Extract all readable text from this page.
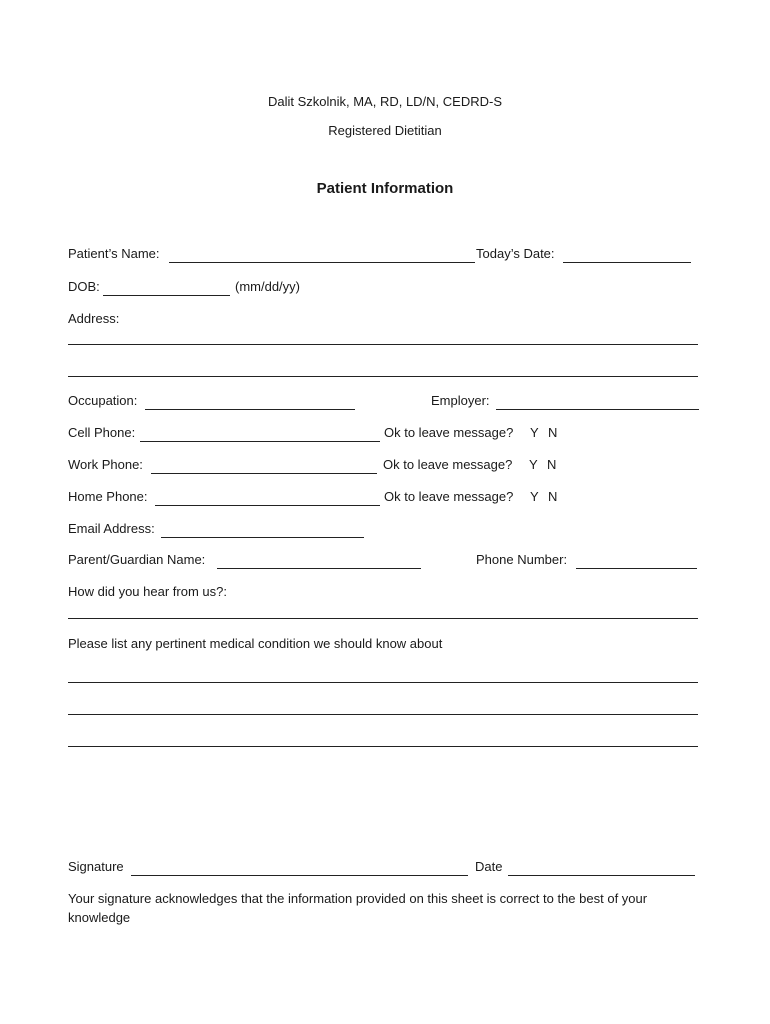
Dalit Szkolnik, MA, RD, LD/N, CEDRD-S
Registered Dietitian
Patient Information
Patient’s Name:	Today’s Date:
DOB:	(mm/dd/yy)
Address:
Occupation:	Employer:
Cell Phone:	Ok to leave message? Y N
Work Phone:	Ok to leave message? Y N
Home Phone:	Ok to leave message? Y N
Email Address:
Parent/Guardian Name:	Phone Number:
How did you hear from us?:
Please list any pertinent medical condition we should know about
Signature	Date
Your signature acknowledges that the information provided on this sheet is correct to the best of your knowledge
